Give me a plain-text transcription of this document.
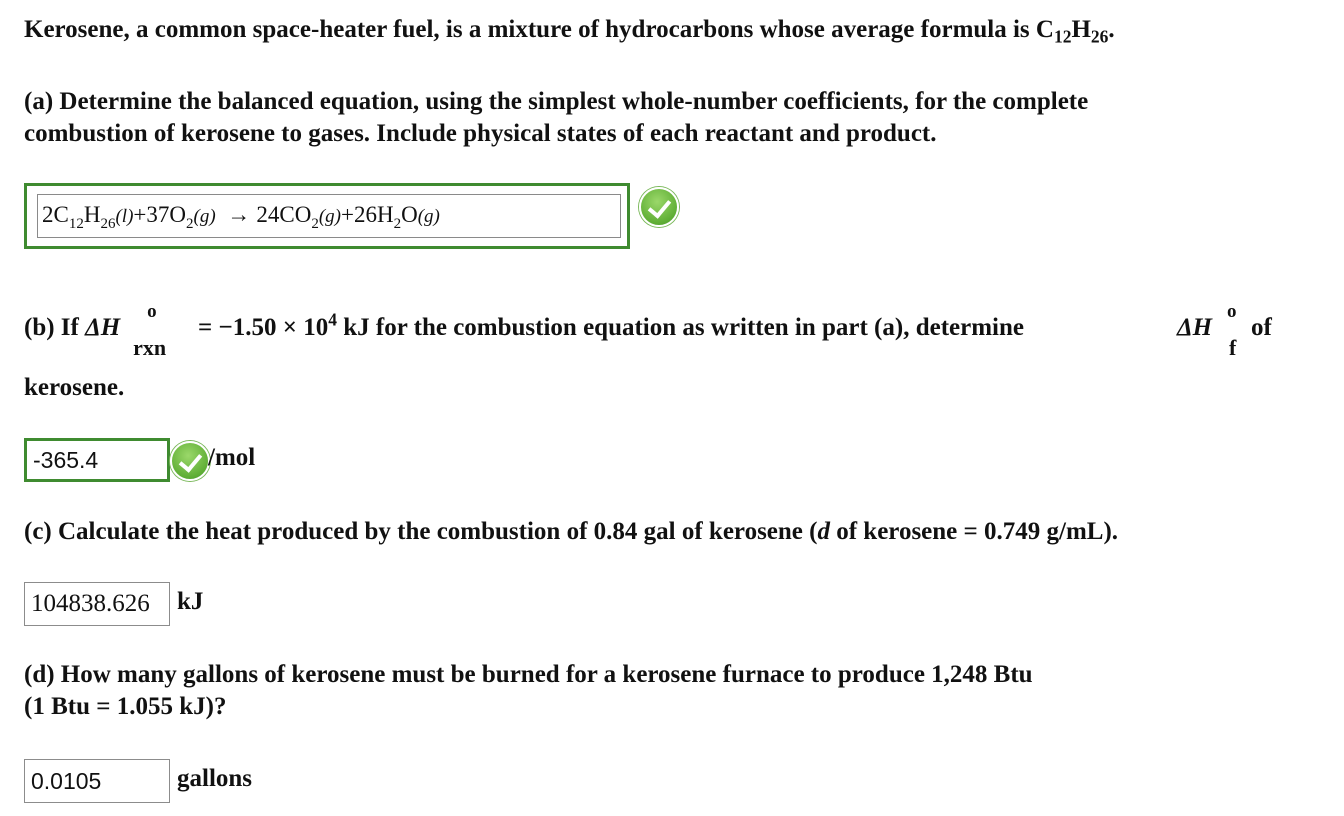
Kerosene, a common space-heater fuel, is a mixture of hydrocarbons whose average formula is $C_{12}H_{26}$.
(a) Determine the balanced equation, using the simplest whole-number coefficients, for the complete
combustion of kerosene to gases. Include physical states of each reactant and product.
$2C_{12}H_{26}(l)+37O_2(g) \to 24CO_2(g)+26H_2O(g)$
(b) If ΔH
o
rxn
= $-1.50 \times 10^4$ kJ for the combustion equation as written in part (a), determine	ΔH
o
f
of
kerosene.
-365.4	/mol
(c) Calculate the heat produced by the combustion of 0.84 gal of kerosene (d of kerosene = 0.749 g/mL).
104838.626	kJ
(d) How many gallons of kerosene must be burned for a kerosene furnace to produce 1,248 Btu
(1 Btu = 1.055 kJ)?
0.0105	gallons
